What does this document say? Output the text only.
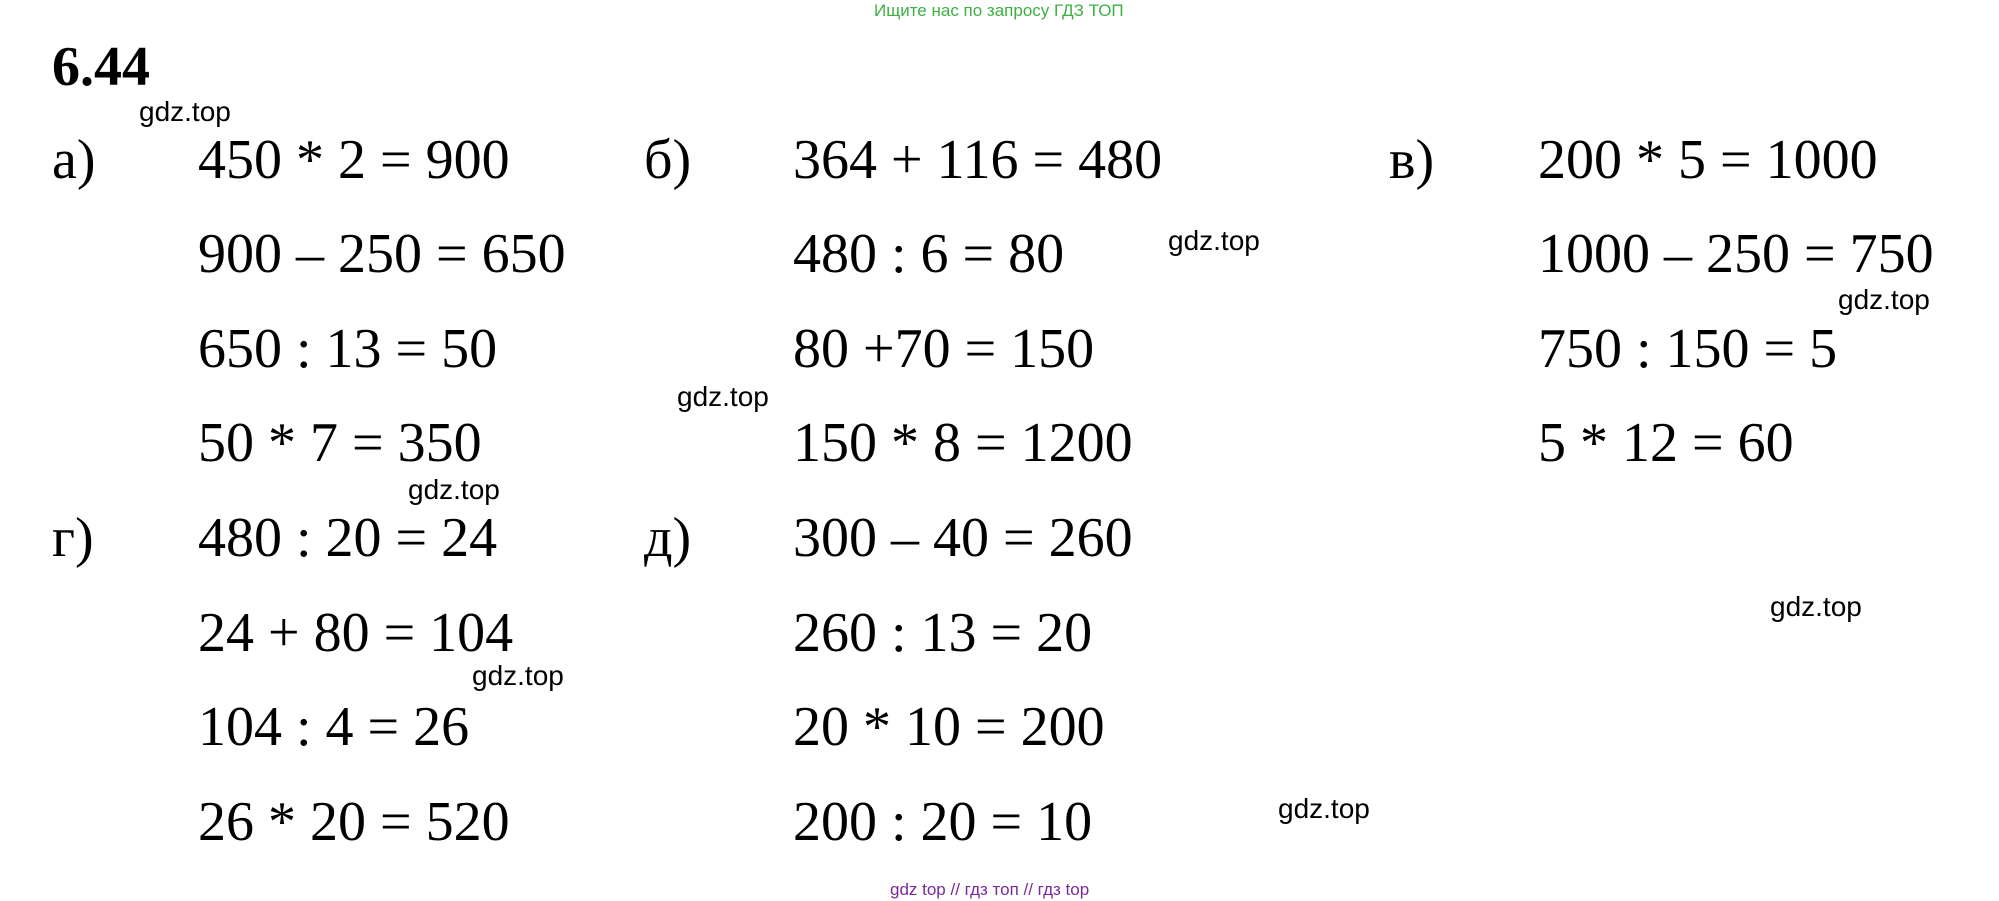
Ищите нас по запросу ГДЗ ТОП
6.44
а) 450 * 2 = 900
900 – 250 = 650
650 : 13 = 50
50 * 7 = 350
б) 364 + 116 = 480
480 : 6 = 80
80 +70 = 150
150 * 8 = 1200
в) 200 * 5 = 1000
1000 – 250 = 750
750 : 150 = 5
5 * 12 = 60
г) 480 : 20 = 24
24 + 80 = 104
104 : 4 = 26
26 * 20 = 520
д) 300 – 40 = 260
260 : 13 = 20
20 * 10 = 200
200 : 20 = 10
gdz.top
gdz.top
gdz.top
gdz.top
gdz.top
gdz.top
gdz.top
gdz.top
gdz top // гдз топ // гдз top
